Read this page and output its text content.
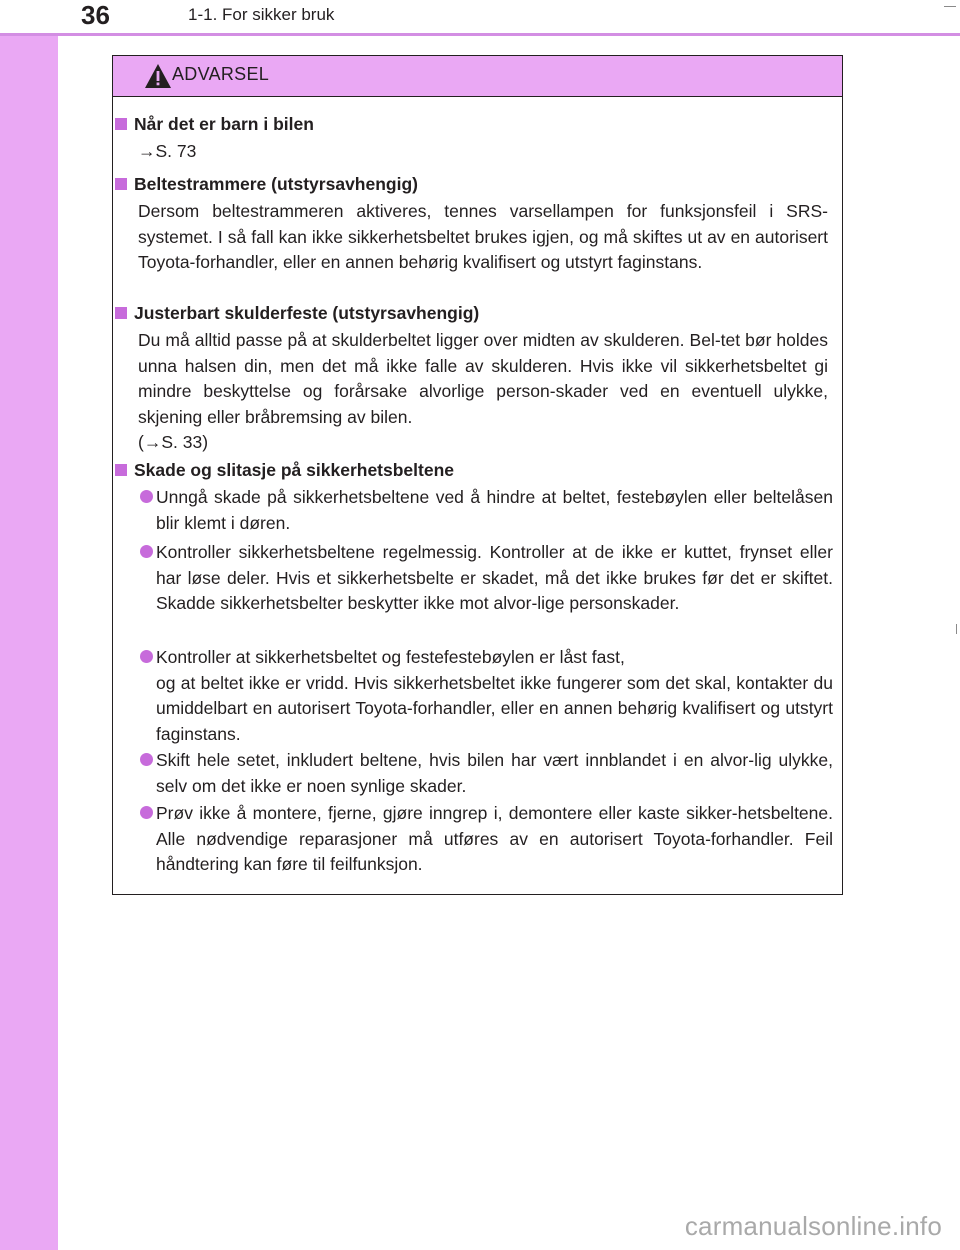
36	1-1. For sikker bruk
ADVARSEL
Når det er barn i bilen
→S. 73
Beltestrammere (utstyrsavhengig)
Dersom beltestrammeren aktiveres, tennes varsellampen for funksjonsfeil i SRS-systemet. I så fall kan ikke sikkerhetsbeltet brukes igjen, og må skiftes ut av en autorisert Toyota-forhandler, eller en annen behørig kvalifisert og utstyrt faginstans.
Justerbart skulderfeste (utstyrsavhengig)
Du må alltid passe på at skulderbeltet ligger over midten av skulderen. Bel-tet bør holdes unna halsen din, men det må ikke falle av skulderen. Hvis ikke vil sikkerhetsbeltet gi mindre beskyttelse og forårsake alvorlige person-skader ved en eventuell ulykke, skjening eller bråbremsing av bilen.
(→S. 33)
Skade og slitasje på sikkerhetsbeltene
Unngå skade på sikkerhetsbeltene ved å hindre at beltet, festebøylen eller beltelåsen blir klemt i døren.
Kontroller sikkerhetsbeltene regelmessig. Kontroller at de ikke er kuttet, frynset eller har løse deler. Hvis et sikkerhetsbelte er skadet, må det ikke brukes før det er skiftet. Skadde sikkerhetsbelter beskytter ikke mot alvor-lige personskader.
Kontroller at sikkerhetsbeltet og festefestebøylen er låst fast,
og at beltet ikke er vridd. Hvis sikkerhetsbeltet ikke fungerer som det skal, kontakter du umiddelbart en autorisert Toyota-forhandler, eller en annen behørig kvalifisert og utstyrt faginstans.
Skift hele setet, inkludert beltene, hvis bilen har vært innblandet i en alvor-lig ulykke, selv om det ikke er noen synlige skader.
Prøv ikke å montere, fjerne, gjøre inngrep i, demontere eller kaste sikker-hetsbeltene. Alle nødvendige reparasjoner må utføres av en autorisert Toyota-forhandler. Feil håndtering kan føre til feilfunksjon.
carmanualsonline.info
